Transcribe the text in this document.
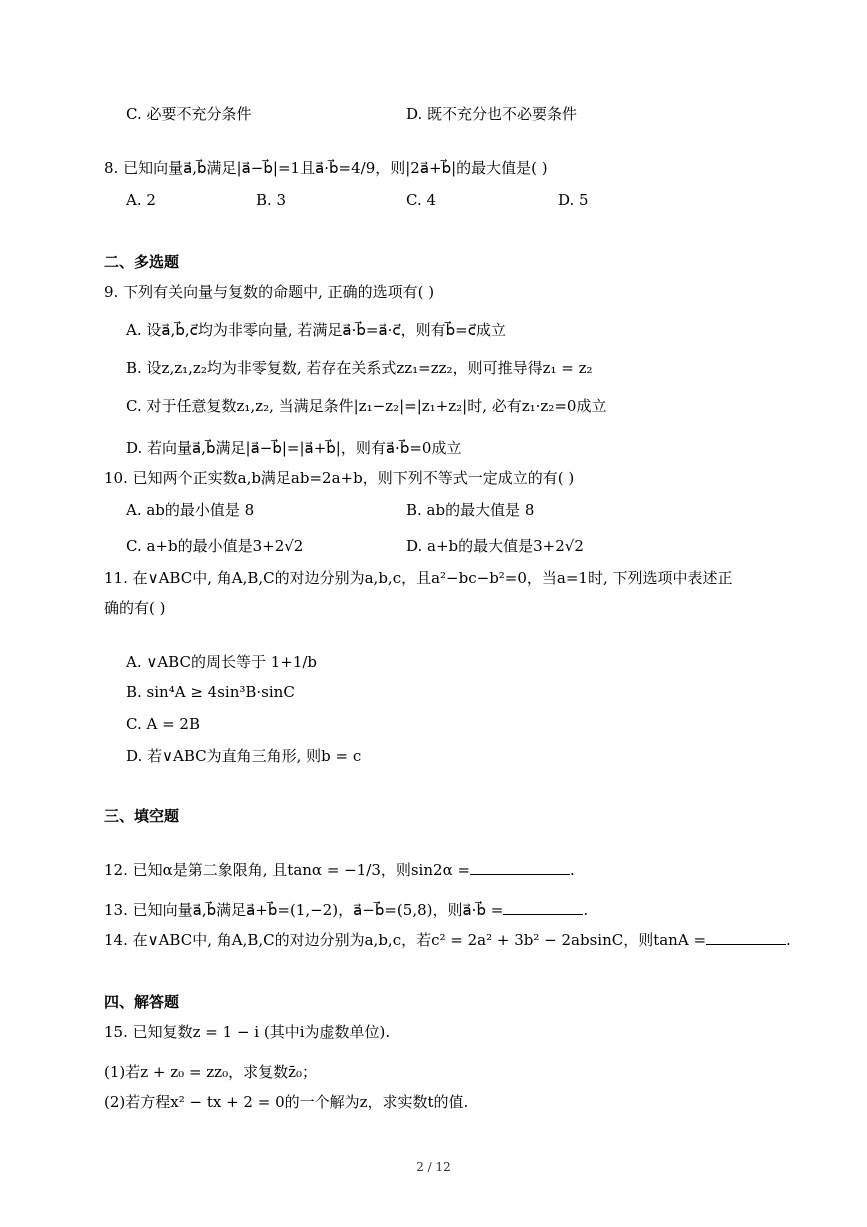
C. 必要不充分条件	D. 既不充分也不必要条件
8. 已知向量a⃗,b⃗满足|a⃗−b⃗|=1且a⃗·b⃗=4/9，则|2a⃗+b⃗|的最大值是( )
A. 2	B. 3	C. 4	D. 5
二、多选题
9. 下列有关向量与复数的命题中, 正确的选项有( )
A. 设a⃗,b⃗,c⃗均为非零向量, 若满足a⃗·b⃗=a⃗·c⃗，则有b⃗=c⃗成立
B. 设z,z₁,z₂均为非零复数, 若存在关系式zz₁=zz₂，则可推导得z₁ = z₂
C. 对于任意复数z₁,z₂, 当满足条件|z₁−z₂|=|z₁+z₂|时, 必有z₁·z₂=0成立
D. 若向量a⃗,b⃗满足|a⃗−b⃗|=|a⃗+b⃗|，则有a⃗·b⃗=0成立
10. 已知两个正实数a,b满足ab=2a+b，则下列不等式一定成立的有( )
A. ab的最小值是 8	B. ab的最大值是 8
C. a+b的最小值是3+2√2	D. a+b的最大值是3+2√2
11. 在∨ABC中, 角A,B,C的对边分别为a,b,c，且a²−bc−b²=0，当a=1时, 下列选项中表述正
确的有( )
A. ∨ABC的周长等于 1+1/b
B. sin⁴A ≥ 4sin³B·sinC
C. A = 2B
D. 若∨ABC为直角三角形, 则b = c
三、填空题
12. 已知α是第二象限角, 且tanα = −1/3，则sin2α =	.
13. 已知向量a⃗,b⃗满足a⃗+b⃗=(1,−2)，a⃗−b⃗=(5,8)，则a⃗·b⃗ =	.
14. 在∨ABC中, 角A,B,C的对边分别为a,b,c，若c² = 2a² + 3b² − 2absinC，则tanA =	.
四、解答题
15. 已知复数z = 1 − i (其中i为虚数单位).
(1)若z + z₀ = zz₀，求复数z̄₀；
(2)若方程x² − tx + 2 = 0的一个解为z，求实数t的值.
2 / 12
